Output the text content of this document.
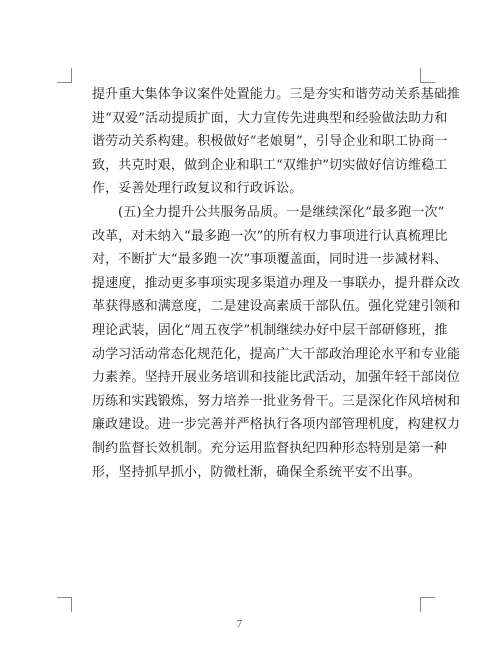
提升重大集体争议案件处置能力。三是夯实和谐劳动关系基础推
进“双爱”活动提质扩面，大力宣传先进典型和经验做法助力和
谐劳动关系构建。积极做好“老娘舅”，引导企业和职工协商一
致，共克时艰，做到企业和职工“双维护”切实做好信访维稳工
作，妥善处理行政复议和行政诉讼。
(五)全力提升公共服务品质。一是继续深化“最多跑一次”
改革，对未纳入“最多跑一次”的所有权力事项进行认真梳理比
对，不断扩大“最多跑一次”事项覆盖面，同时进一步减材料、
提速度，推动更多事项实现多渠道办理及一事联办，提升群众改
革获得感和满意度，二是建设高素质干部队伍。强化党建引领和
理论武装，固化“周五夜学”机制继续办好中层干部研修班，推
动学习活动常态化规范化，提高广大干部政治理论水平和专业能
力素养。坚持开展业务培训和技能比武活动，加强年轻干部岗位
历练和实践锻炼，努力培养一批业务骨干。三是深化作风培树和
廉政建设。进一步完善并严格执行各项内部管理机度，构建权力
制约监督长效机制。充分运用监督执纪四种形态特别是第一种
形，坚持抓早抓小，防微杜渐，确保全系统平安不出事。
7
